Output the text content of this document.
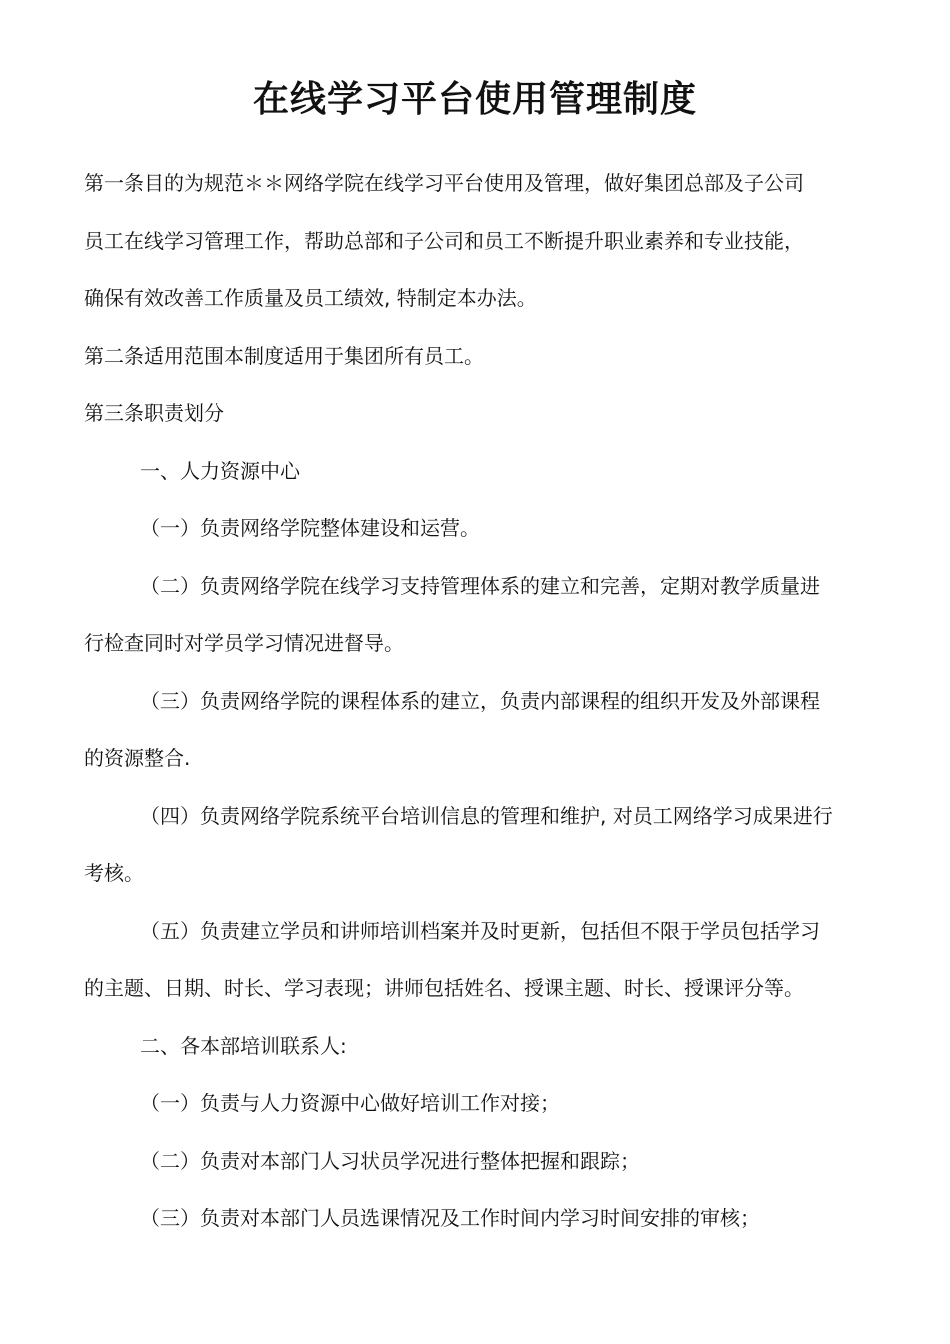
在线学习平台使用管理制度

第一条目的为规范＊＊网络学院在线学习平台使用及管理，做好集团总部及子公司

员工在线学习管理工作，帮助总部和子公司和员工不断提升职业素养和专业技能，

确保有效改善工作质量及员工绩效, 特制定本办法。

第二条适用范围本制度适用于集团所有员工。

第三条职责划分

一、人力资源中心

（一）负责网络学院整体建设和运营。

（二）负责网络学院在线学习支持管理体系的建立和完善，定期对教学质量进

行检查同时对学员学习情况进督导。

（三）负责网络学院的课程体系的建立，负责内部课程的组织开发及外部课程

的资源整合.

（四）负责网络学院系统平台培训信息的管理和维护, 对员工网络学习成果进行

考核。

（五）负责建立学员和讲师培训档案并及时更新，包括但不限于学员包括学习

的主题、日期、时长、学习表现；讲师包括姓名、授课主题、时长、授课评分等。

二、各本部培训联系人:

（一）负责与人力资源中心做好培训工作对接；

（二）负责对本部门人习状员学况进行整体把握和跟踪；

（三）负责对本部门人员选课情况及工作时间内学习时间安排的审核；
